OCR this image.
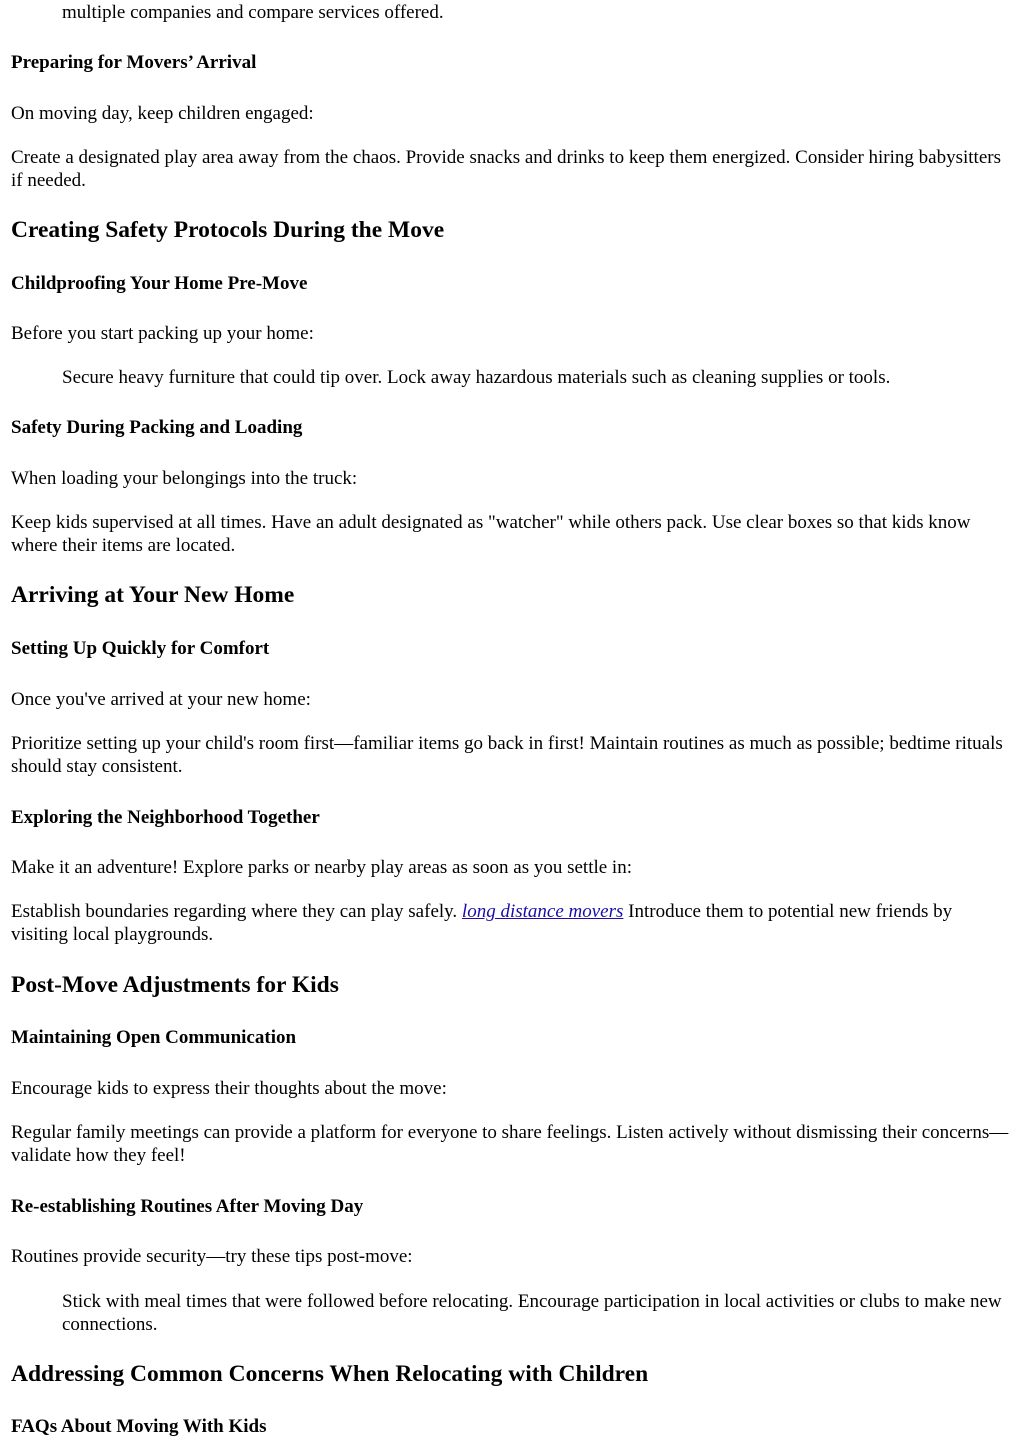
multiple companies and compare services offered.

Preparing for Movers’ Arrival

On moving day, keep children engaged:

Create a designated play area away from the chaos. Provide snacks and drinks to keep them energized. Consider hiring babysitters if needed.

Creating Safety Protocols During the Move
Childproofing Your Home Pre-Move

Before you start packing up your home:

Secure heavy furniture that could tip over. Lock away hazardous materials such as cleaning supplies or tools.

Safety During Packing and Loading

When loading your belongings into the truck:

Keep kids supervised at all times. Have an adult designated as "watcher" while others pack. Use clear boxes so that kids know where their items are located.

Arriving at Your New Home
Setting Up Quickly for Comfort

Once you've arrived at your new home:

Prioritize setting up your child's room first—familiar items go back in first! Maintain routines as much as possible; bedtime rituals should stay consistent.

Exploring the Neighborhood Together

Make it an adventure! Explore parks or nearby play areas as soon as you settle in:

Establish boundaries regarding where they can play safely. long distance movers Introduce them to potential new friends by visiting local playgrounds.

Post-Move Adjustments for Kids
Maintaining Open Communication

Encourage kids to express their thoughts about the move:

Regular family meetings can provide a platform for everyone to share feelings. Listen actively without dismissing their concerns—validate how they feel!

Re-establishing Routines After Moving Day

Routines provide security—try these tips post-move:

Stick with meal times that were followed before relocating. Encourage participation in local activities or clubs to make new connections.

Addressing Common Concerns When Relocating with Children
FAQs About Moving With Kids
